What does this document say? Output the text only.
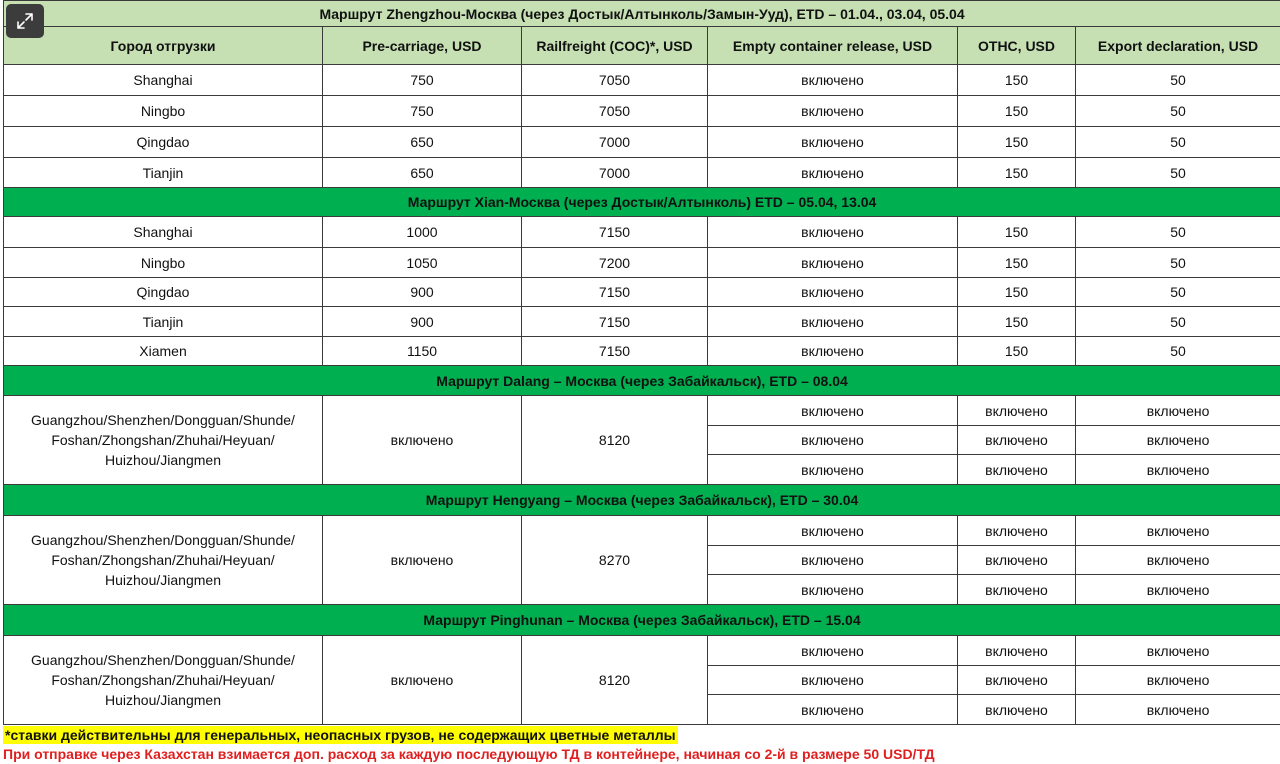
Маршрут Zhengzhou-Москва (через Достык/Алтынколь/Замын-Ууд), ETD – 01.04., 03.04, 05.04					
Город отгрузки	Pre-carriage, USD	Railfreight (COC)*, USD	Empty container release, USD	OTHC, USD	Export declaration, USD
Shanghai	750	7050	включено	150	50
Ningbo	750	7050	включено	150	50
Qingdao	650	7000	включено	150	50
Tianjin	650	7000	включено	150	50
Маршрут Xian-Москва (через Достык/Алтынколь) ETD – 05.04, 13.04					
Shanghai	1000	7150	включено	150	50
Ningbo	1050	7200	включено	150	50
Qingdao	900	7150	включено	150	50
Tianjin	900	7150	включено	150	50
Xiamen	1150	7150	включено	150	50
Маршрут Dalang – Москва (через Забайкальск), ETD – 08.04					

Guangzhou/Shenzhen/Dongguan/Shunde/
Foshan/Zhongshan/Zhuhai/Heyuan/
Huizhou/Jiangmen	включено	8120	включено	включено	включено
			включено	включено	включено
			включено	включено	включено
Маршрут Hengyang – Москва (через Забайкальск), ETD – 30.04					

Guangzhou/Shenzhen/Dongguan/Shunde/
Foshan/Zhongshan/Zhuhai/Heyuan/
Huizhou/Jiangmen	включено	8270	включено	включено	включено
			включено	включено	включено
			включено	включено	включено
Маршрут Pinghunan – Москва (через Забайкальск), ETD – 15.04					

Guangzhou/Shenzhen/Dongguan/Shunde/
Foshan/Zhongshan/Zhuhai/Heyuan/
Huizhou/Jiangmen	включено	8120	включено	включено	включено
			включено	включено	включено
			включено	включено	включено
*ставки действительны для генеральных, неопасных грузов, не содержащих цветные металлы
При отправке через Казахстан взимается доп. расход за каждую последующую ТД в контейнере, начиная со 2-й в размере 50 USD/ТД
